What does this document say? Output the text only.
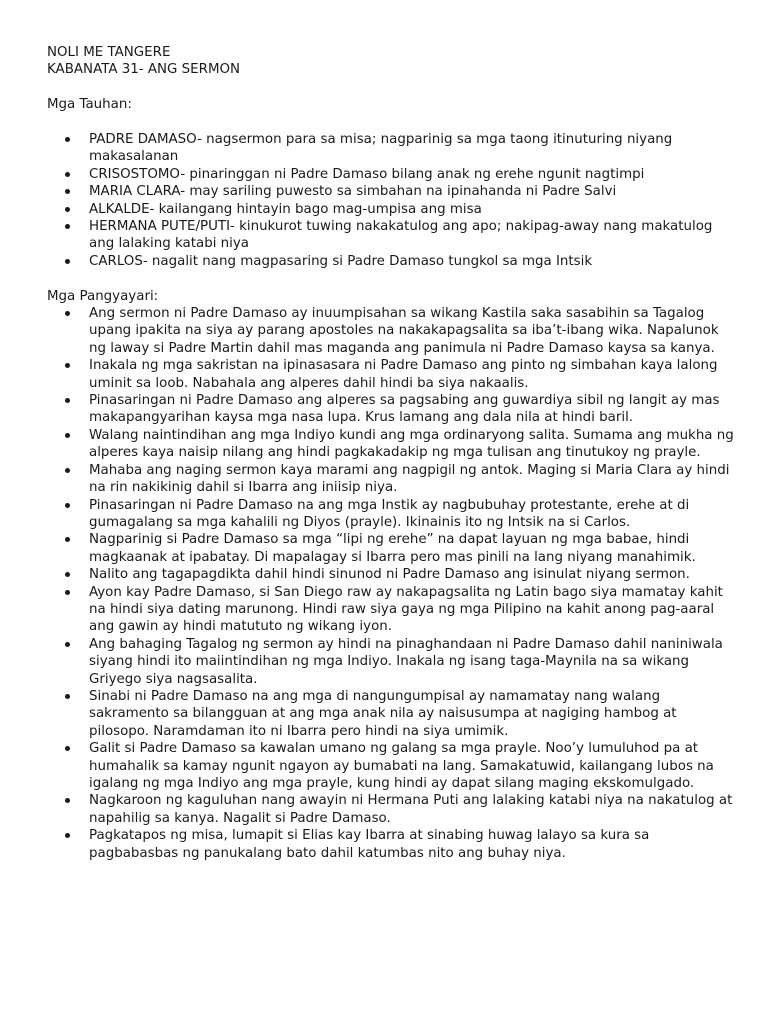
NOLI ME TANGERE
KABANATA 31- ANG SERMON
Mga Tauhan:
PADRE DAMASO- nagsermon para sa misa; nagparinig sa mga taong itinuturing niyang makasalanan
CRISOSTOMO- pinaringgan ni Padre Damaso bilang anak ng erehe ngunit nagtimpi
MARIA CLARA- may sariling puwesto sa simbahan na ipinahanda ni Padre Salvi
ALKALDE- kailangang hintayin bago mag-umpisa ang misa
HERMANA PUTE/PUTI- kinukurot tuwing nakakatulog ang apo; nakipag-away nang makatulog ang lalaking katabi niya
CARLOS- nagalit nang magpasaring si Padre Damaso tungkol sa mga Intsik
Mga Pangyayari:
Ang sermon ni Padre Damaso ay inuumpisahan sa wikang Kastila saka sasabihin sa Tagalog upang ipakita na siya ay parang apostoles na nakakapagsalita sa iba’t-ibang wika. Napalunok ng laway si Padre Martin dahil mas maganda ang panimula ni Padre Damaso kaysa sa kanya.
Inakala ng mga sakristan na ipinasasara ni Padre Damaso ang pinto ng simbahan kaya lalong uminit sa loob. Nabahala ang alperes dahil hindi ba siya nakaalis.
Pinasaringan ni Padre Damaso ang alperes sa pagsabing ang guwardiya sibil ng langit ay mas makapangyarihan kaysa mga nasa lupa. Krus lamang ang dala nila at hindi baril.
Walang naintindihan ang mga Indiyo kundi ang mga ordinaryong salita. Sumama ang mukha ng alperes kaya naisip nilang ang hindi pagkakadakip ng mga tulisan ang tinutukoy ng prayle.
Mahaba ang naging sermon kaya marami ang nagpigil ng antok. Maging si Maria Clara ay hindi na rin nakikinig dahil si Ibarra ang iniisip niya.
Pinasaringan ni Padre Damaso na ang mga Instik ay nagbubuhay protestante, erehe at di gumagalang sa mga kahalili ng Diyos (prayle). Ikinainis ito ng Intsik na si Carlos.
Nagparinig si Padre Damaso sa mga “lipi ng erehe” na dapat layuan ng mga babae, hindi magkaanak at ipabatay. Di mapalagay si Ibarra pero mas pinili na lang niyang manahimik.
Nalito ang tagapagdikta dahil hindi sinunod ni Padre Damaso ang isinulat niyang sermon.
Ayon kay Padre Damaso, si San Diego raw ay nakapagsalita ng Latin bago siya mamatay kahit na hindi siya dating marunong. Hindi raw siya gaya ng mga Pilipino na kahit anong pag-aaral ang gawin ay hindi matututo ng wikang iyon.
Ang bahaging Tagalog ng sermon ay hindi na pinaghandaan ni Padre Damaso dahil naniniwala siyang hindi ito maiintindihan ng mga Indiyo. Inakala ng isang taga-Maynila na sa wikang Griyego siya nagsasalita.
Sinabi ni Padre Damaso na ang mga di nangungumpisal ay namamatay nang walang sakramento sa bilangguan at ang mga anak nila ay naisusumpa at nagiging hambog at pilosopo. Naramdaman ito ni Ibarra pero hindi na siya umimik.
Galit si Padre Damaso sa kawalan umano ng galang sa mga prayle. Noo’y lumuluhod pa at humahalik sa kamay ngunit ngayon ay bumabati na lang. Samakatuwid, kailangang lubos na igalang ng mga Indiyo ang mga prayle, kung hindi ay dapat silang maging ekskomulgado.
Nagkaroon ng kaguluhan nang awayin ni Hermana Puti ang lalaking katabi niya na nakatulog at napahilig sa kanya. Nagalit si Padre Damaso.
Pagkatapos ng misa, lumapit si Elias kay Ibarra at sinabing huwag lalayo sa kura sa pagbabasbas ng panukalang bato dahil katumbas nito ang buhay niya.
